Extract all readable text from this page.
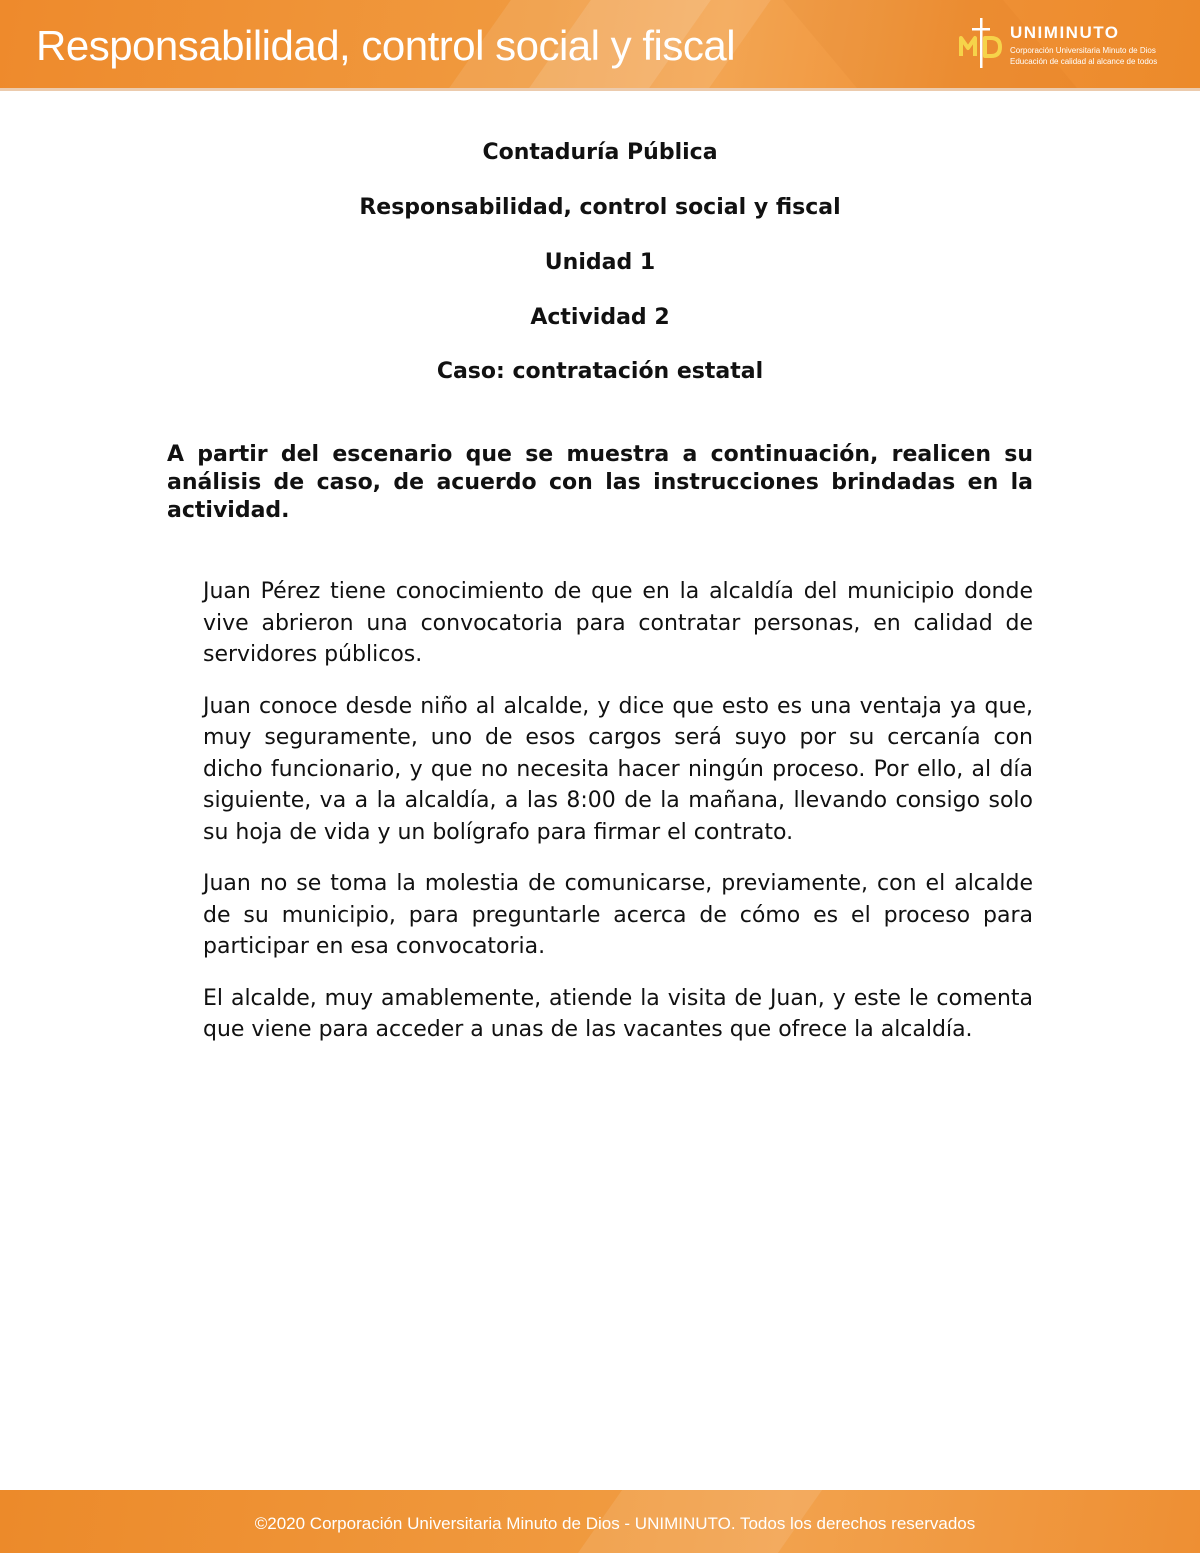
Responsabilidad, control social y fiscal	UNIMINUTO
Corporación Universitaria Minuto de Dios
Educación de calidad al alcance de todos
Contaduría Pública
Responsabilidad, control social y fiscal
Unidad 1
Actividad 2
Caso: contratación estatal

A partir del escenario que se muestra a continuación, realicen su análisis de caso, de acuerdo con las instrucciones brindadas en la actividad.

Juan Pérez tiene conocimiento de que en la alcaldía del municipio donde vive abrieron una convocatoria para contratar personas, en calidad de servidores públicos.

Juan conoce desde niño al alcalde, y dice que esto es una ventaja ya que, muy seguramente, uno de esos cargos será suyo por su cercanía con dicho funcionario, y que no necesita hacer ningún proceso. Por ello, al día siguiente, va a la alcaldía, a las 8:00 de la mañana, llevando consigo solo su hoja de vida y un bolígrafo para firmar el contrato.

Juan no se toma la molestia de comunicarse, previamente, con el alcalde de su municipio, para preguntarle acerca de cómo es el proceso para participar en esa convocatoria.

El alcalde, muy amablemente, atiende la visita de Juan, y este le comenta que viene para acceder a unas de las vacantes que ofrece la alcaldía.

©2020 Corporación Universitaria Minuto de Dios - UNIMINUTO. Todos los derechos reservados
